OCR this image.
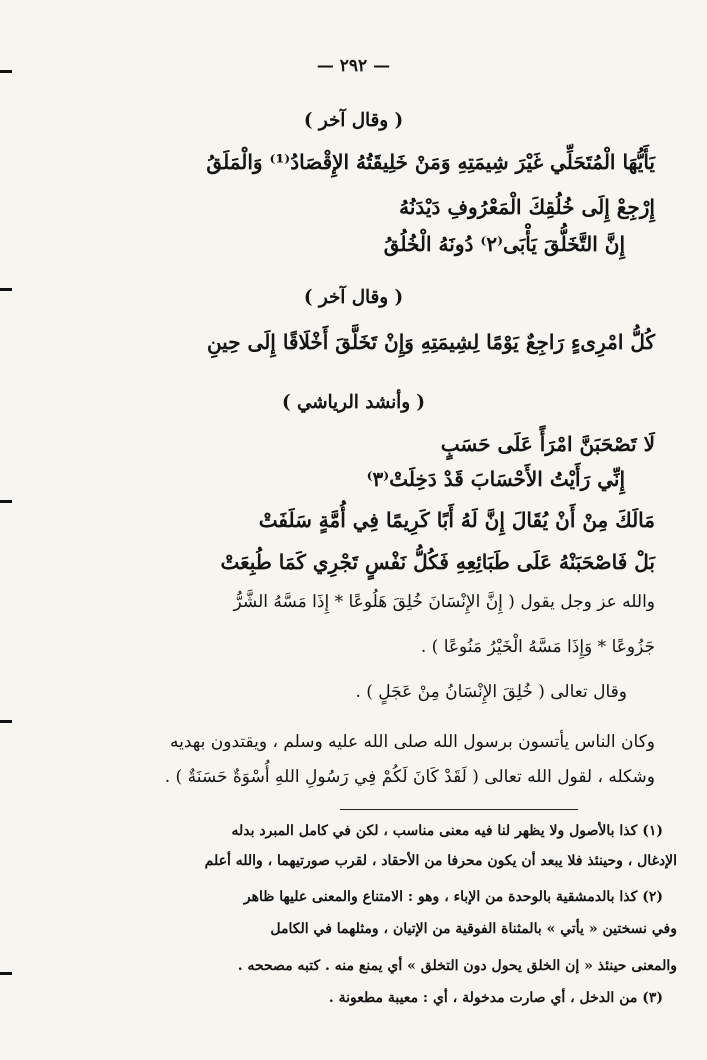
— ٢٩٢ —
( وقال آخر )
يَأَيُّهَا الْمُتَحَلِّي غَيْرَ شِيمَتِهِ وَمَنْ خَلِيقَتُهُ الإِقْصَادُ⁽¹⁾ وَالْمَلَقُ
إِرْجِعْ إِلَى خُلُقِكَ الْمَعْرُوفِ دَيْدَنُهُ
إِنَّ التَّخَلُّقَ يَأْبَى⁽٢⁾ دُونَهُ الْخُلُقُ
( وقال آخر )
كُلُّ امْرِىءٍ رَاجِعٌ يَوْمًا لِشِيمَتِهِ وَإِنْ تَخَلَّقَ أَخْلَاقًا إِلَى حِينِ
( وأنشد الرياشي )
لَا تَصْحَبَنَّ امْرَأً عَلَى حَسَبٍ
إِنِّي رَأَيْتُ الأَحْسَابَ قَدْ دَخِلَتْ⁽٣⁾
مَالَكَ مِنْ أَنْ يُقَالَ إِنَّ لَهُ أَبًا كَرِيمًا فِي أُمَّةٍ سَلَفَتْ
بَلْ فَاصْحَبَنْهُ عَلَى طَبَائِعِهِ فَكُلُّ نَفْسٍ تَجْرِي كَمَا طُبِعَتْ
والله عز وجل يقول ( إِنَّ الإِنْسَانَ خُلِقَ هَلُوعًا * إِذَا مَسَّهُ الشَّرُّ
جَزُوعًا * وَإِذَا مَسَّهُ الْخَيْرُ مَنُوعًا ) .
وقال تعالى ( خُلِقَ الإِنْسَانُ مِنْ عَجَلٍ ) .
وكان الناس يأتسون برسول الله صلى الله عليه وسلم ، ويقتدون بهديه
وشكله ، لقول الله تعالى ( لَقَدْ كَانَ لَكُمْ فِي رَسُولِ اللهِ أُسْوَةٌ حَسَنَةٌ ) .
(١) كذا بالأصول ولا يظهر لنا فيه معنى مناسب ، لكن في كامل المبرد بدله
الإدغال ، وحينئذ فلا يبعد أن يكون محرفا من الأحقاد ، لقرب صورتيهما ، والله أعلم
(٢) كذا بالدمشقية بالوحدة من الإباء ، وهو : الامتناع والمعنى عليها ظاهر
وفي نسختين « يأتي » بالمثناة الفوقية من الإتيان ، ومثلهما في الكامل
والمعنى حينئذ « إن الخلق يحول دون التخلق » أي يمنع منه . كتبه مصححه .
(٣) من الدخل ، أي صارت مدخولة ، أي : معيبة مطعونة .
